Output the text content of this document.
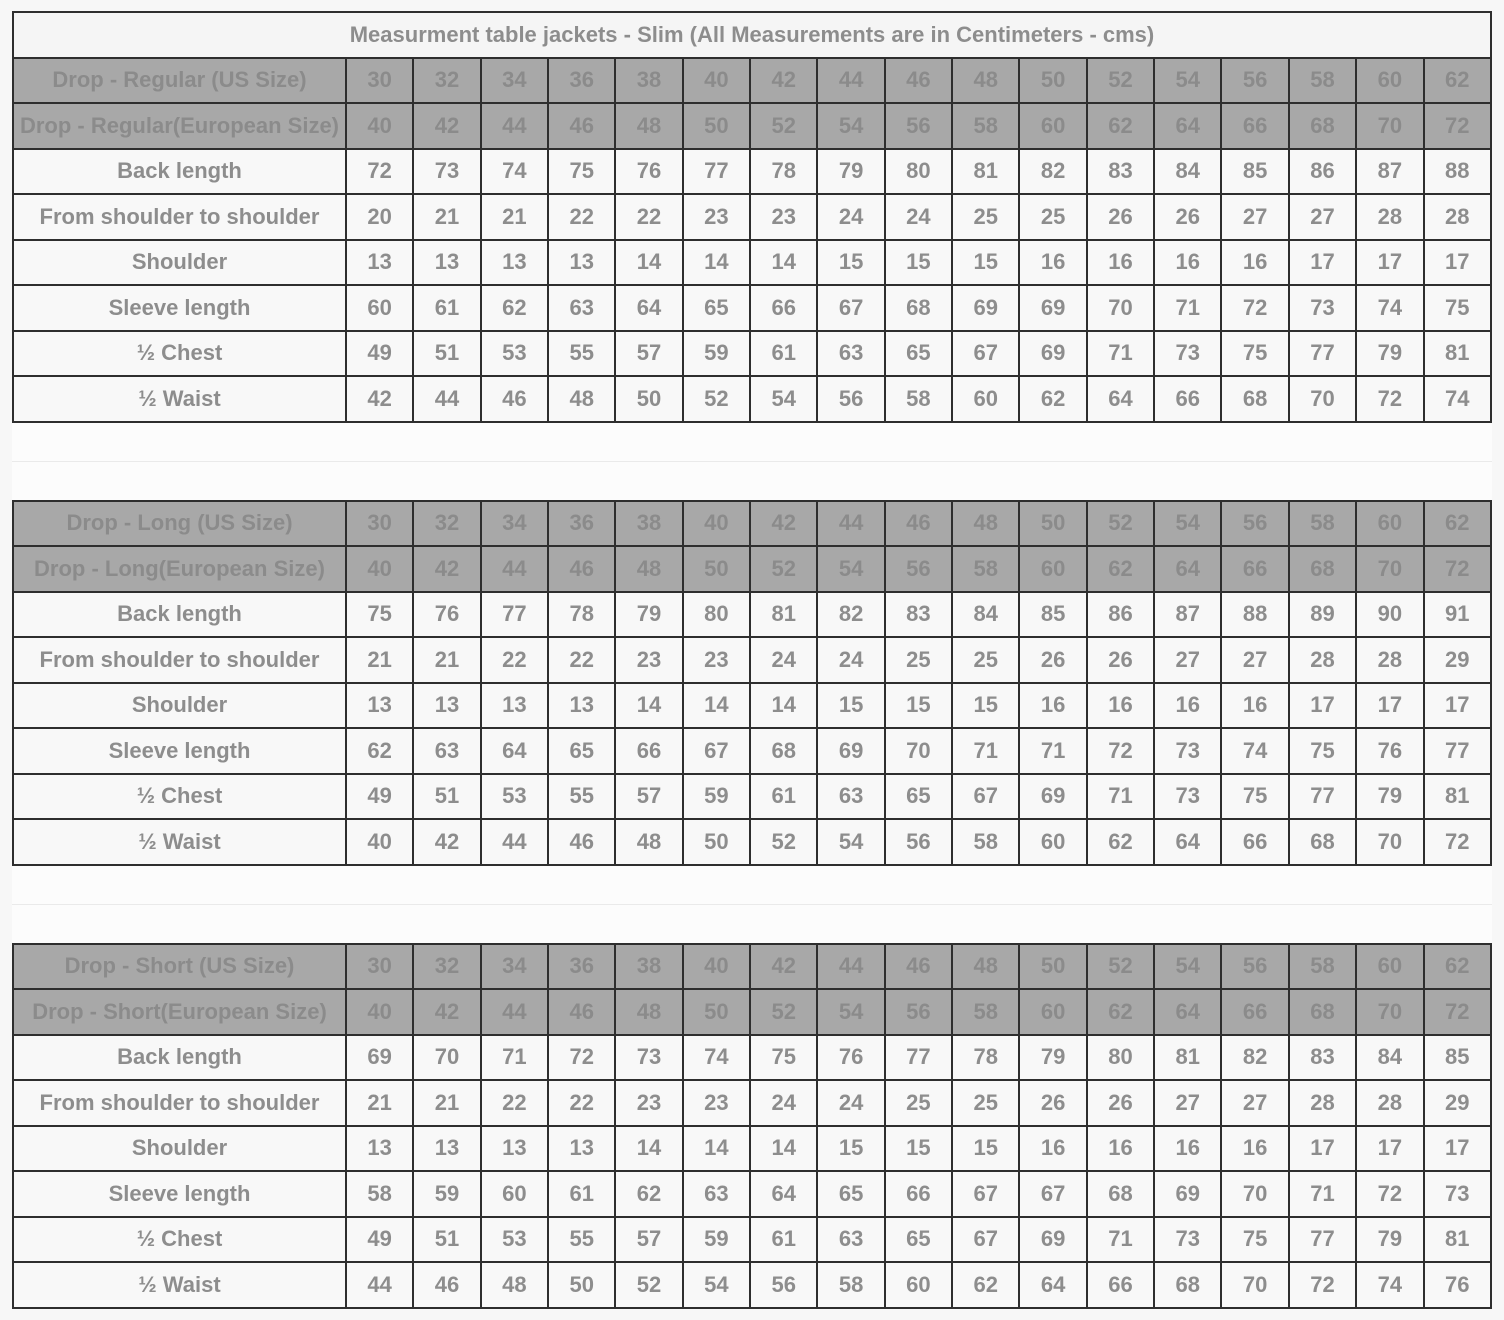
Measurment table jackets - Slim (All Measurements are in Centimeters - cms)																	
Drop - Regular (US Size)	30	32	34	36	38	40	42	44	46	48	50	52	54	56	58	60	62
Drop - Regular(European Size)	40	42	44	46	48	50	52	54	56	58	60	62	64	66	68	70	72
Back length	72	73	74	75	76	77	78	79	80	81	82	83	84	85	86	87	88
From shoulder to shoulder	20	21	21	22	22	23	23	24	24	25	25	26	26	27	27	28	28
Shoulder	13	13	13	13	14	14	14	15	15	15	16	16	16	16	17	17	17
Sleeve length	60	61	62	63	64	65	66	67	68	69	69	70	71	72	73	74	75
½ Chest	49	51	53	55	57	59	61	63	65	67	69	71	73	75	77	79	81
½ Waist	42	44	46	48	50	52	54	56	58	60	62	64	66	68	70	72	74
Drop - Long (US Size)	30	32	34	36	38	40	42	44	46	48	50	52	54	56	58	60	62
Drop - Long(European Size)	40	42	44	46	48	50	52	54	56	58	60	62	64	66	68	70	72
Back length	75	76	77	78	79	80	81	82	83	84	85	86	87	88	89	90	91
From shoulder to shoulder	21	21	22	22	23	23	24	24	25	25	26	26	27	27	28	28	29
Shoulder	13	13	13	13	14	14	14	15	15	15	16	16	16	16	17	17	17
Sleeve length	62	63	64	65	66	67	68	69	70	71	71	72	73	74	75	76	77
½ Chest	49	51	53	55	57	59	61	63	65	67	69	71	73	75	77	79	81
½ Waist	40	42	44	46	48	50	52	54	56	58	60	62	64	66	68	70	72
Drop - Short (US Size)	30	32	34	36	38	40	42	44	46	48	50	52	54	56	58	60	62
Drop - Short(European Size)	40	42	44	46	48	50	52	54	56	58	60	62	64	66	68	70	72
Back length	69	70	71	72	73	74	75	76	77	78	79	80	81	82	83	84	85
From shoulder to shoulder	21	21	22	22	23	23	24	24	25	25	26	26	27	27	28	28	29
Shoulder	13	13	13	13	14	14	14	15	15	15	16	16	16	16	17	17	17
Sleeve length	58	59	60	61	62	63	64	65	66	67	67	68	69	70	71	72	73
½ Chest	49	51	53	55	57	59	61	63	65	67	69	71	73	75	77	79	81
½ Waist	44	46	48	50	52	54	56	58	60	62	64	66	68	70	72	74	76
